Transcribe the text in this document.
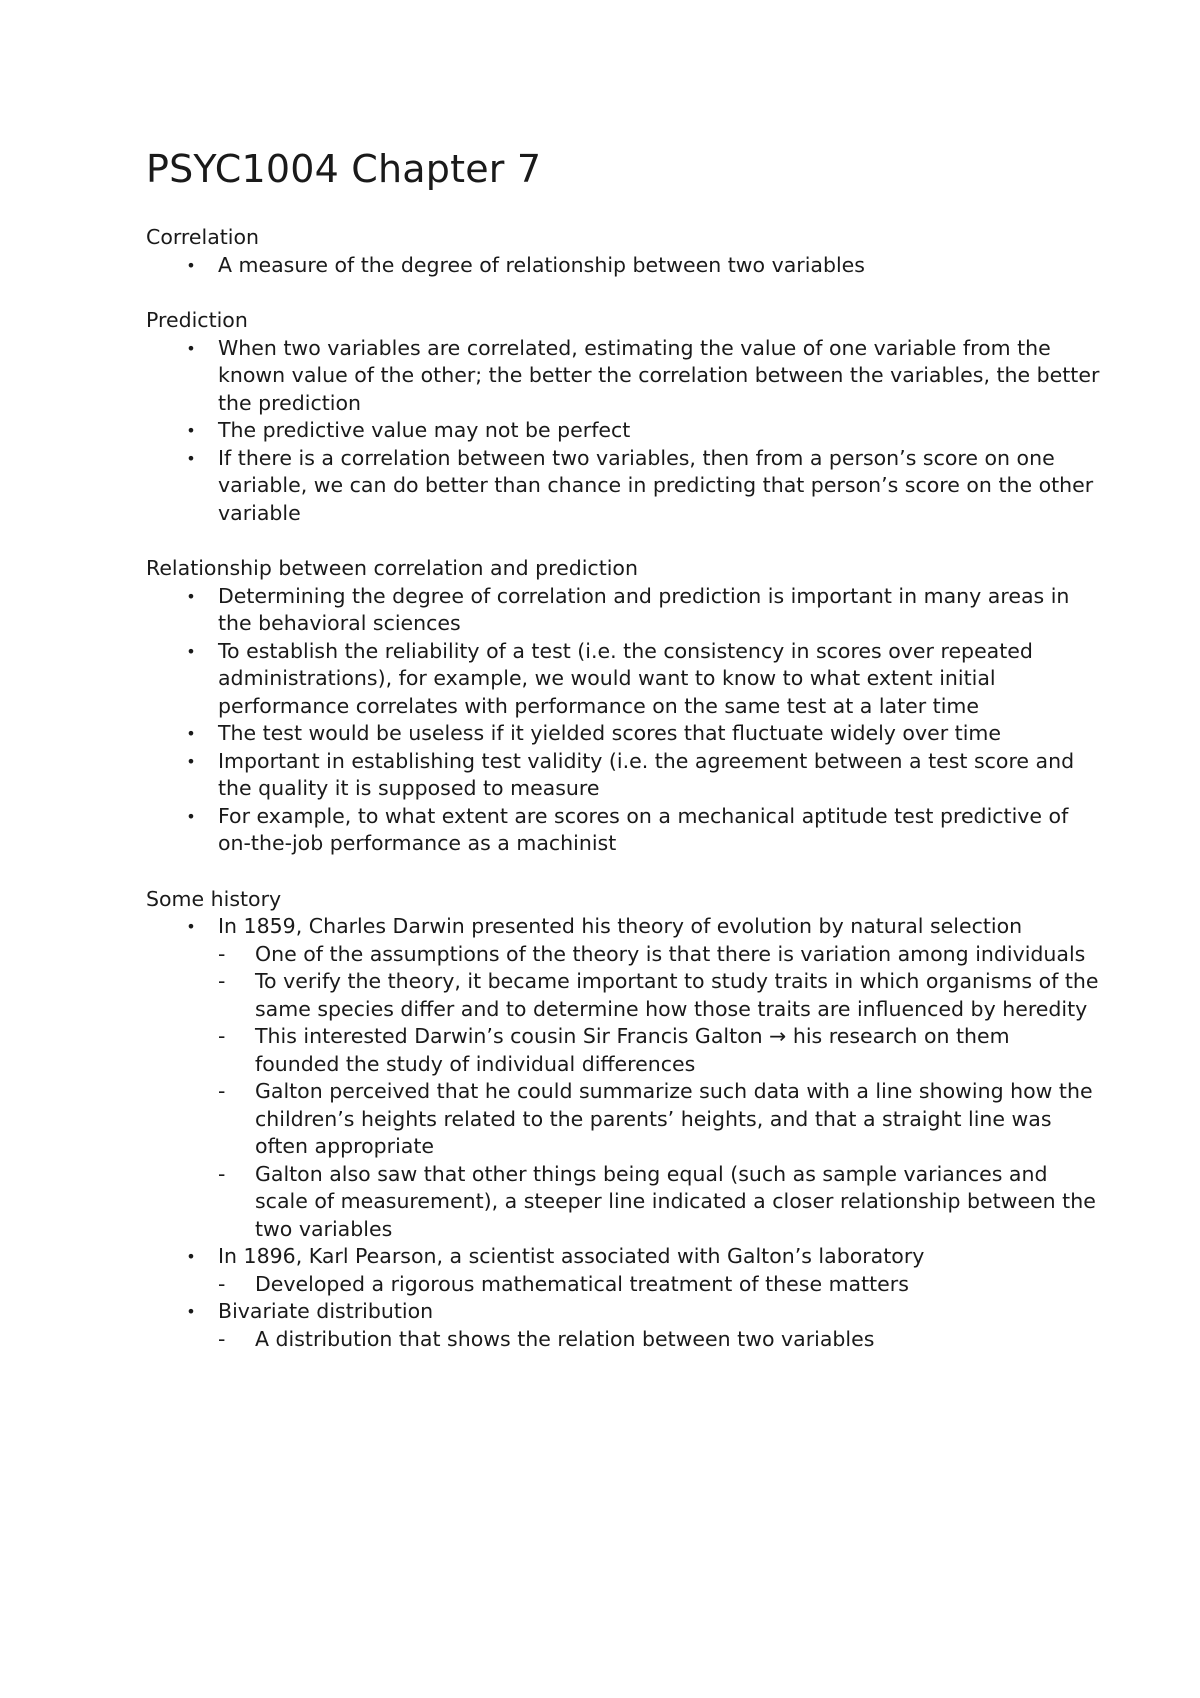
PSYC1004 Chapter 7

Correlation

• A measure of the degree of relationship between two variables

Prediction

• When two variables are correlated, estimating the value of one variable from the known value of the other; the better the correlation between the variables, the better the prediction
• The predictive value may not be perfect
• If there is a correlation between two variables, then from a person’s score on one variable, we can do better than chance in predicting that person’s score on the other variable

Relationship between correlation and prediction

• Determining the degree of correlation and prediction is important in many areas in the behavioral sciences
• To establish the reliability of a test (i.e. the consistency in scores over repeated administrations), for example, we would want to know to what extent initial performance correlates with performance on the same test at a later time
• The test would be useless if it yielded scores that fluctuate widely over time
• Important in establishing test validity (i.e. the agreement between a test score and the quality it is supposed to measure
• For example, to what extent are scores on a mechanical aptitude test predictive of on-the-job performance as a machinist

Some history

• In 1859, Charles Darwin presented his theory of evolution by natural selection
- One of the assumptions of the theory is that there is variation among individuals
- To verify the theory, it became important to study traits in which organisms of the same species differ and to determine how those traits are influenced by heredity
- This interested Darwin’s cousin Sir Francis Galton → his research on them founded the study of individual differences
- Galton perceived that he could summarize such data with a line showing how the children’s heights related to the parents’ heights, and that a straight line was often appropriate
- Galton also saw that other things being equal (such as sample variances and scale of measurement), a steeper line indicated a closer relationship between the two variables
• In 1896, Karl Pearson, a scientist associated with Galton’s laboratory
- Developed a rigorous mathematical treatment of these matters
• Bivariate distribution
- A distribution that shows the relation between two variables
